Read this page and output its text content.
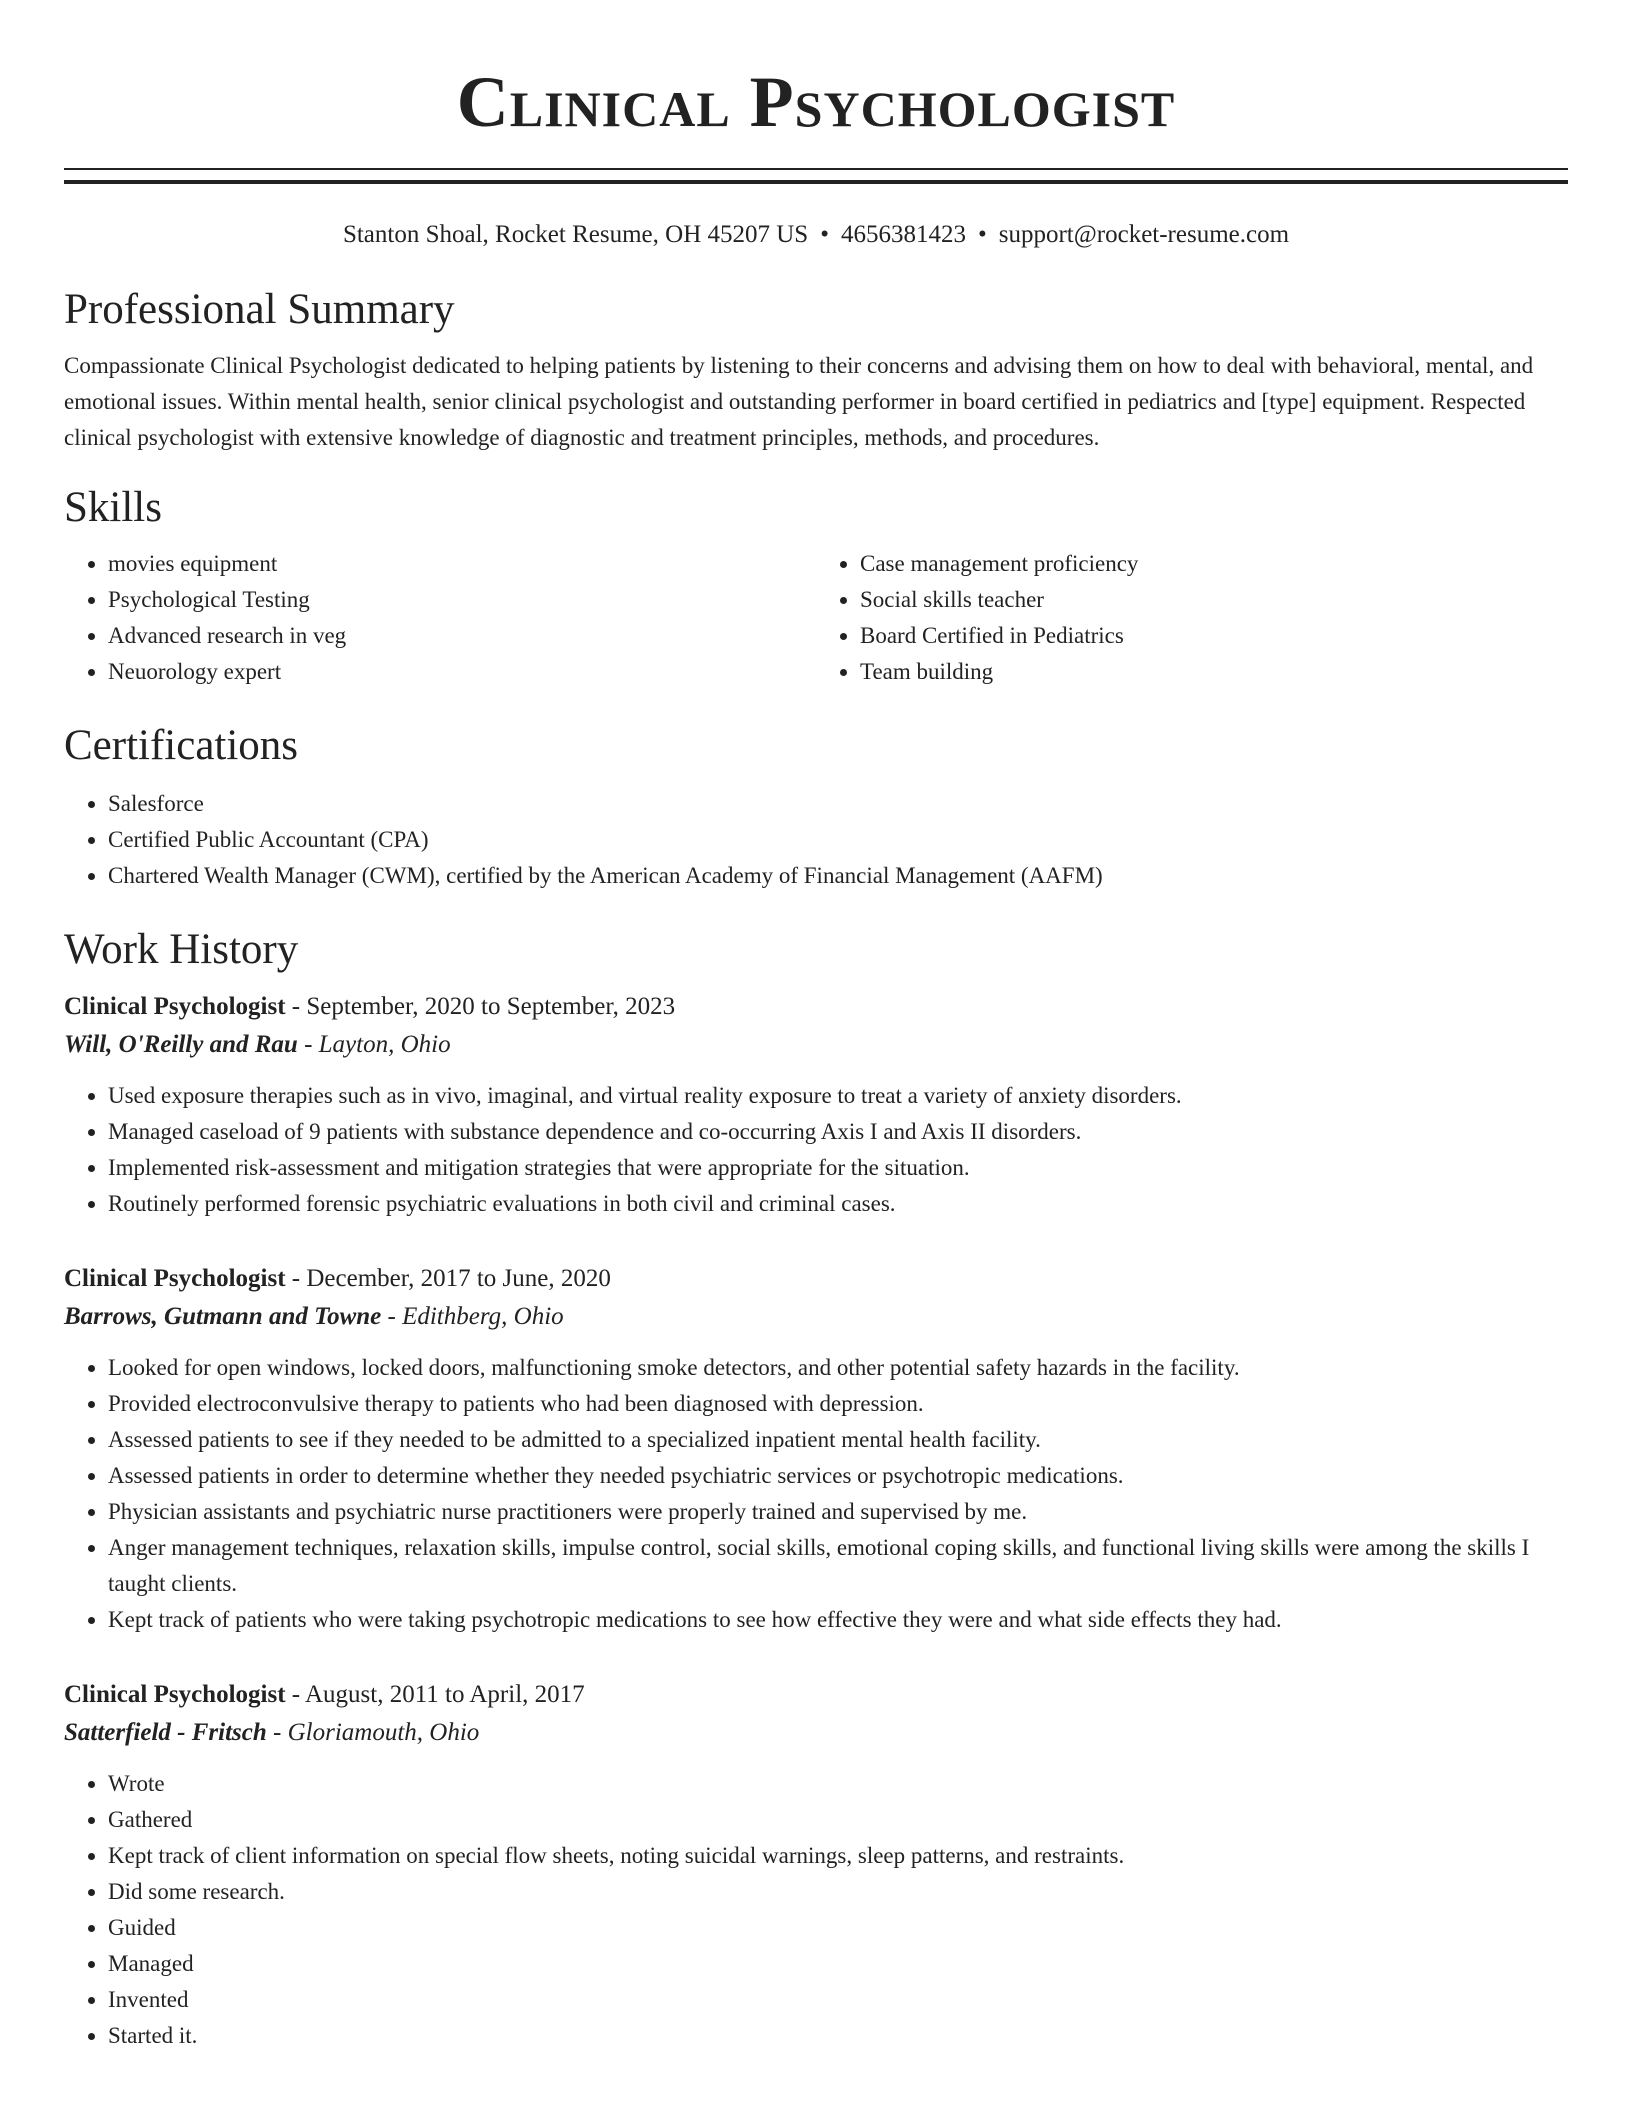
Clinical Psychologist
Stanton Shoal, Rocket Resume, OH 45207 US • 4656381423 • support@rocket-resume.com
Professional Summary
Compassionate Clinical Psychologist dedicated to helping patients by listening to their concerns and advising them on how to deal with behavioral, mental, and emotional issues. Within mental health, senior clinical psychologist and outstanding performer in board certified in pediatrics and [type] equipment. Respected clinical psychologist with extensive knowledge of diagnostic and treatment principles, methods, and procedures.
Skills
• movies equipment
• Psychological Testing
• Advanced research in veg
• Neuorology expert
• Case management proficiency
• Social skills teacher
• Board Certified in Pediatrics
• Team building
Certifications
• Salesforce
• Certified Public Accountant (CPA)
• Chartered Wealth Manager (CWM), certified by the American Academy of Financial Management (AAFM)
Work History
Clinical Psychologist - September, 2020 to September, 2023
Will, O'Reilly and Rau - Layton, Ohio
• Used exposure therapies such as in vivo, imaginal, and virtual reality exposure to treat a variety of anxiety disorders.
• Managed caseload of 9 patients with substance dependence and co-occurring Axis I and Axis II disorders.
• Implemented risk-assessment and mitigation strategies that were appropriate for the situation.
• Routinely performed forensic psychiatric evaluations in both civil and criminal cases.
Clinical Psychologist - December, 2017 to June, 2020
Barrows, Gutmann and Towne - Edithberg, Ohio
• Looked for open windows, locked doors, malfunctioning smoke detectors, and other potential safety hazards in the facility.
• Provided electroconvulsive therapy to patients who had been diagnosed with depression.
• Assessed patients to see if they needed to be admitted to a specialized inpatient mental health facility.
• Assessed patients in order to determine whether they needed psychiatric services or psychotropic medications.
• Physician assistants and psychiatric nurse practitioners were properly trained and supervised by me.
• Anger management techniques, relaxation skills, impulse control, social skills, emotional coping skills, and functional living skills were among the skills I taught clients.
• Kept track of patients who were taking psychotropic medications to see how effective they were and what side effects they had.
Clinical Psychologist - August, 2011 to April, 2017
Satterfield - Fritsch - Gloriamouth, Ohio
• Wrote
• Gathered
• Kept track of client information on special flow sheets, noting suicidal warnings, sleep patterns, and restraints.
• Did some research.
• Guided
• Managed
• Invented
• Started it.
